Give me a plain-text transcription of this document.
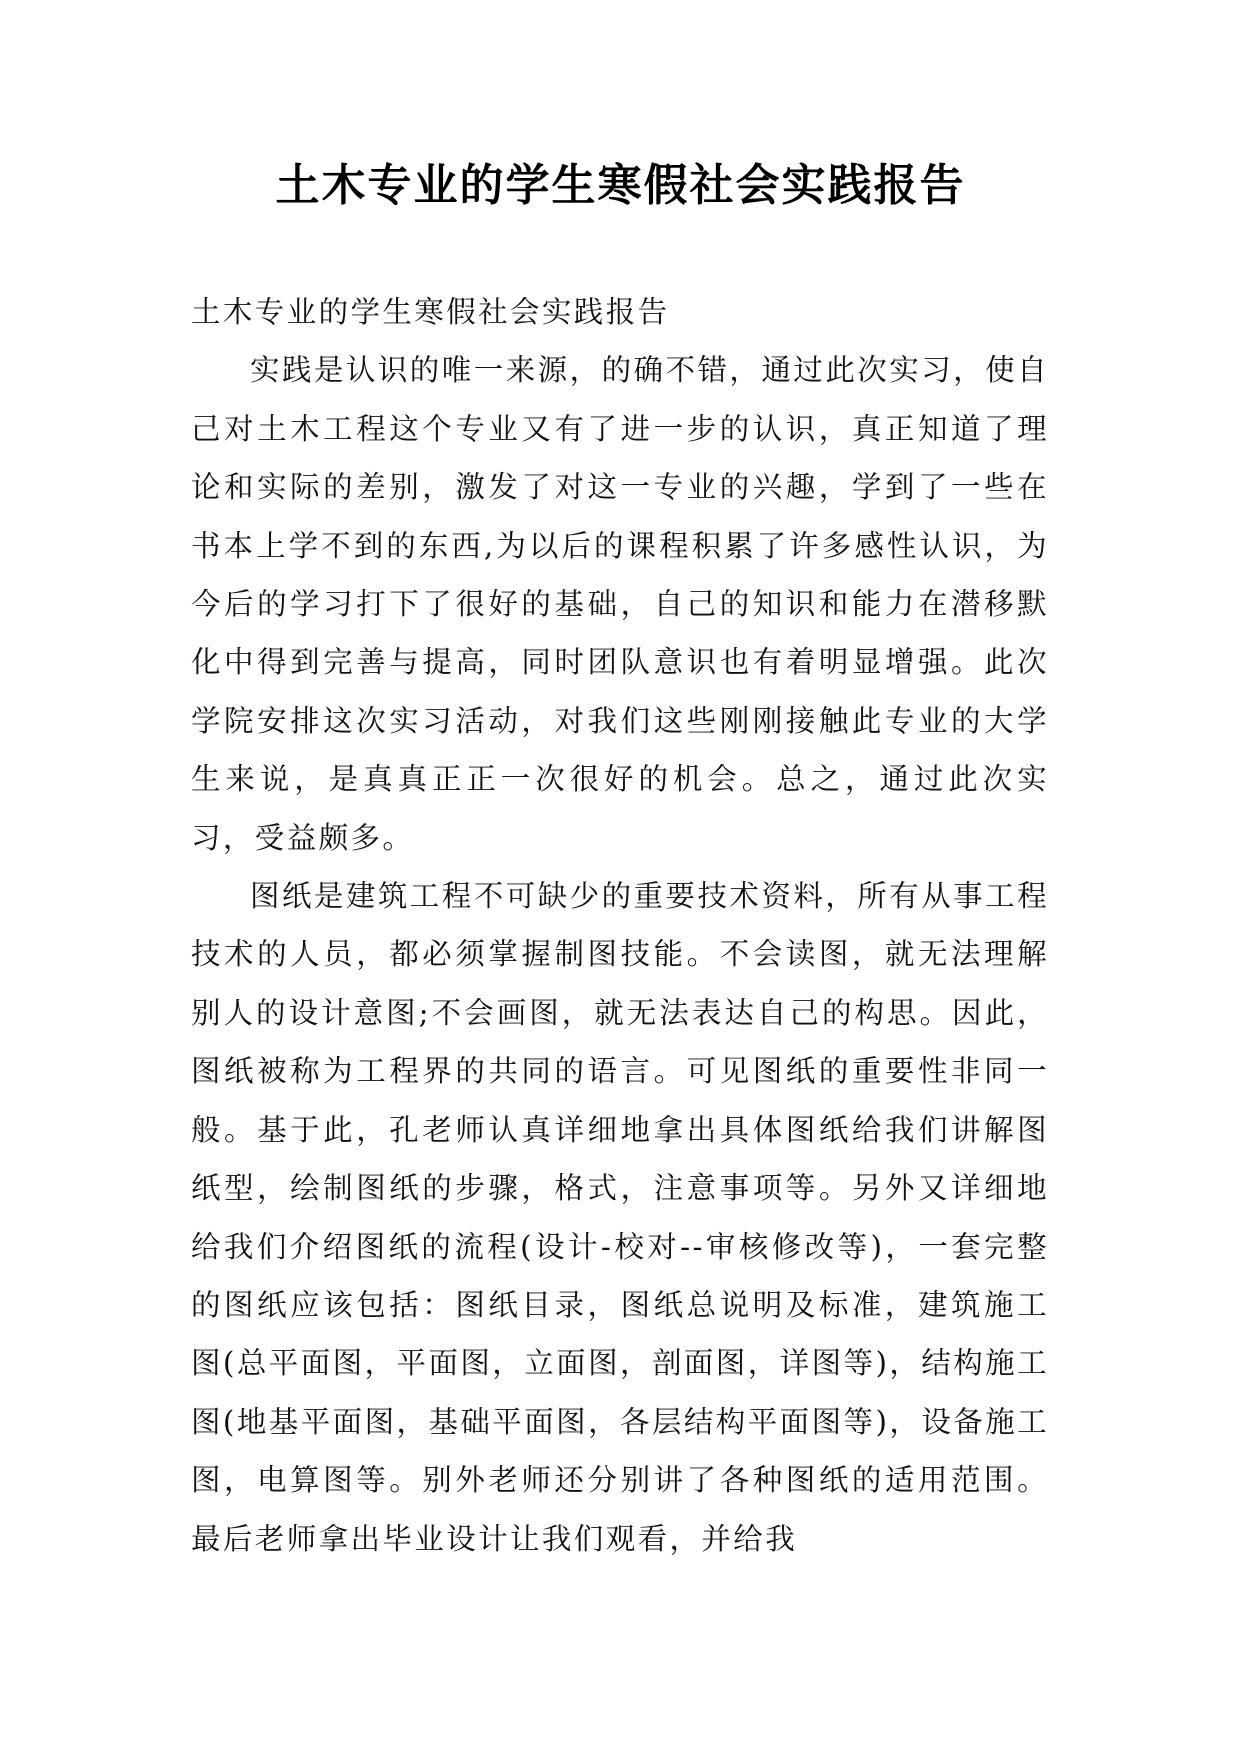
土木专业的学生寒假社会实践报告

土木专业的学生寒假社会实践报告

实践是认识的唯一来源，的确不错，通过此次实习，使自己对土木工程这个专业又有了进一步的认识，真正知道了理论和实际的差别，激发了对这一专业的兴趣，学到了一些在书本上学不到的东西,为以后的课程积累了许多感性认识，为今后的学习打下了很好的基础，自己的知识和能力在潜移默化中得到完善与提高，同时团队意识也有着明显增强。此次学院安排这次实习活动，对我们这些刚刚接触此专业的大学生来说，是真真正正一次很好的机会。总之，通过此次实习，受益颇多。

图纸是建筑工程不可缺少的重要技术资料，所有从事工程技术的人员，都必须掌握制图技能。不会读图，就无法理解别人的设计意图;不会画图，就无法表达自己的构思。因此，图纸被称为工程界的共同的语言。可见图纸的重要性非同一般。基于此，孔老师认真详细地拿出具体图纸给我们讲解图纸型，绘制图纸的步骤，格式，注意事项等。另外又详细地给我们介绍图纸的流程(设计-校对--审核修改等)，一套完整的图纸应该包括：图纸目录，图纸总说明及标准，建筑施工图(总平面图，平面图，立面图，剖面图，详图等)，结构施工图(地基平面图，基础平面图，各层结构平面图等)，设备施工图，电算图等。别外老师还分别讲了各种图纸的适用范围。最后老师拿出毕业设计让我们观看，并给我
